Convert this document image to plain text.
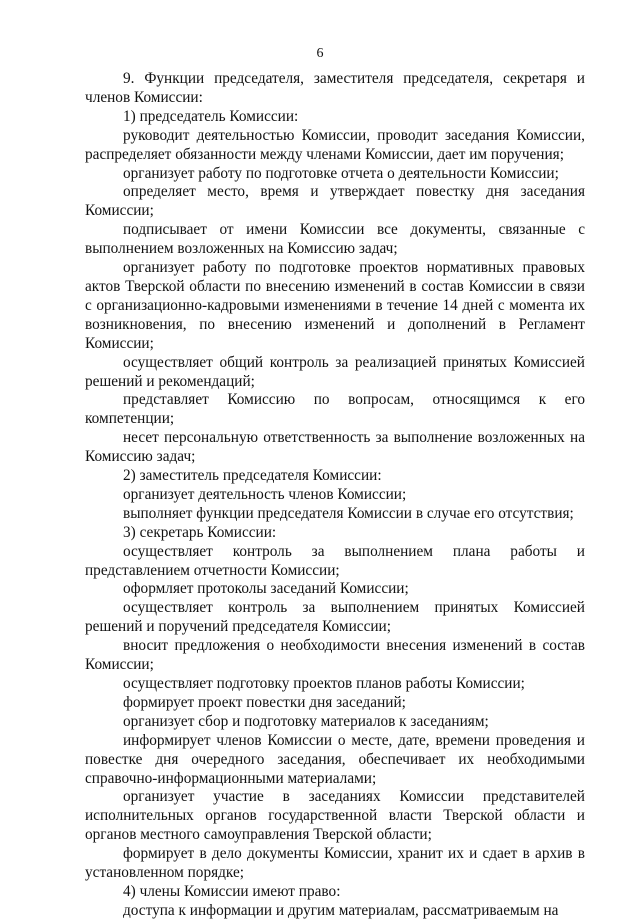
6

9. Функции председателя, заместителя председателя, секретаря и членов Комиссии:

1) председатель Комиссии:

руководит деятельностью Комиссии, проводит заседания Комиссии, распределяет обязанности между членами Комиссии, дает им поручения;

организует работу по подготовке отчета о деятельности Комиссии;

определяет место, время и утверждает повестку дня заседания Комиссии;

подписывает от имени Комиссии все документы, связанные с выполнением возложенных на Комиссию задач;

организует работу по подготовке проектов нормативных правовых актов Тверской области по внесению изменений в состав Комиссии в связи с организационно-кадровыми изменениями в течение 14 дней с момента их возникновения, по внесению изменений и дополнений в Регламент Комиссии;

осуществляет общий контроль за реализацией принятых Комиссией решений и рекомендаций;

представляет Комиссию по вопросам, относящимся к его компетенции;

несет персональную ответственность за выполнение возложенных на Комиссию задач;

2) заместитель председателя Комиссии:

организует деятельность членов Комиссии;

выполняет функции председателя Комиссии в случае его отсутствия;

3) секретарь Комиссии:

осуществляет контроль за выполнением плана работы и представлением отчетности Комиссии;

оформляет протоколы заседаний Комиссии;

осуществляет контроль за выполнением принятых Комиссией решений и поручений председателя Комиссии;

вносит предложения о необходимости внесения изменений в состав Комиссии;

осуществляет подготовку проектов планов работы Комиссии;

формирует проект повестки дня заседаний;

организует сбор и подготовку материалов к заседаниям;

информирует членов Комиссии о месте, дате, времени проведения и повестке дня очередного заседания, обеспечивает их необходимыми справочно-информационными материалами;

организует участие в заседаниях Комиссии представителей исполнительных органов государственной власти Тверской области и органов местного самоуправления Тверской области;

формирует в дело документы Комиссии, хранит их и сдает в архив в установленном порядке;

4) члены Комиссии имеют право:

доступа к информации и другим материалам, рассматриваемым на
